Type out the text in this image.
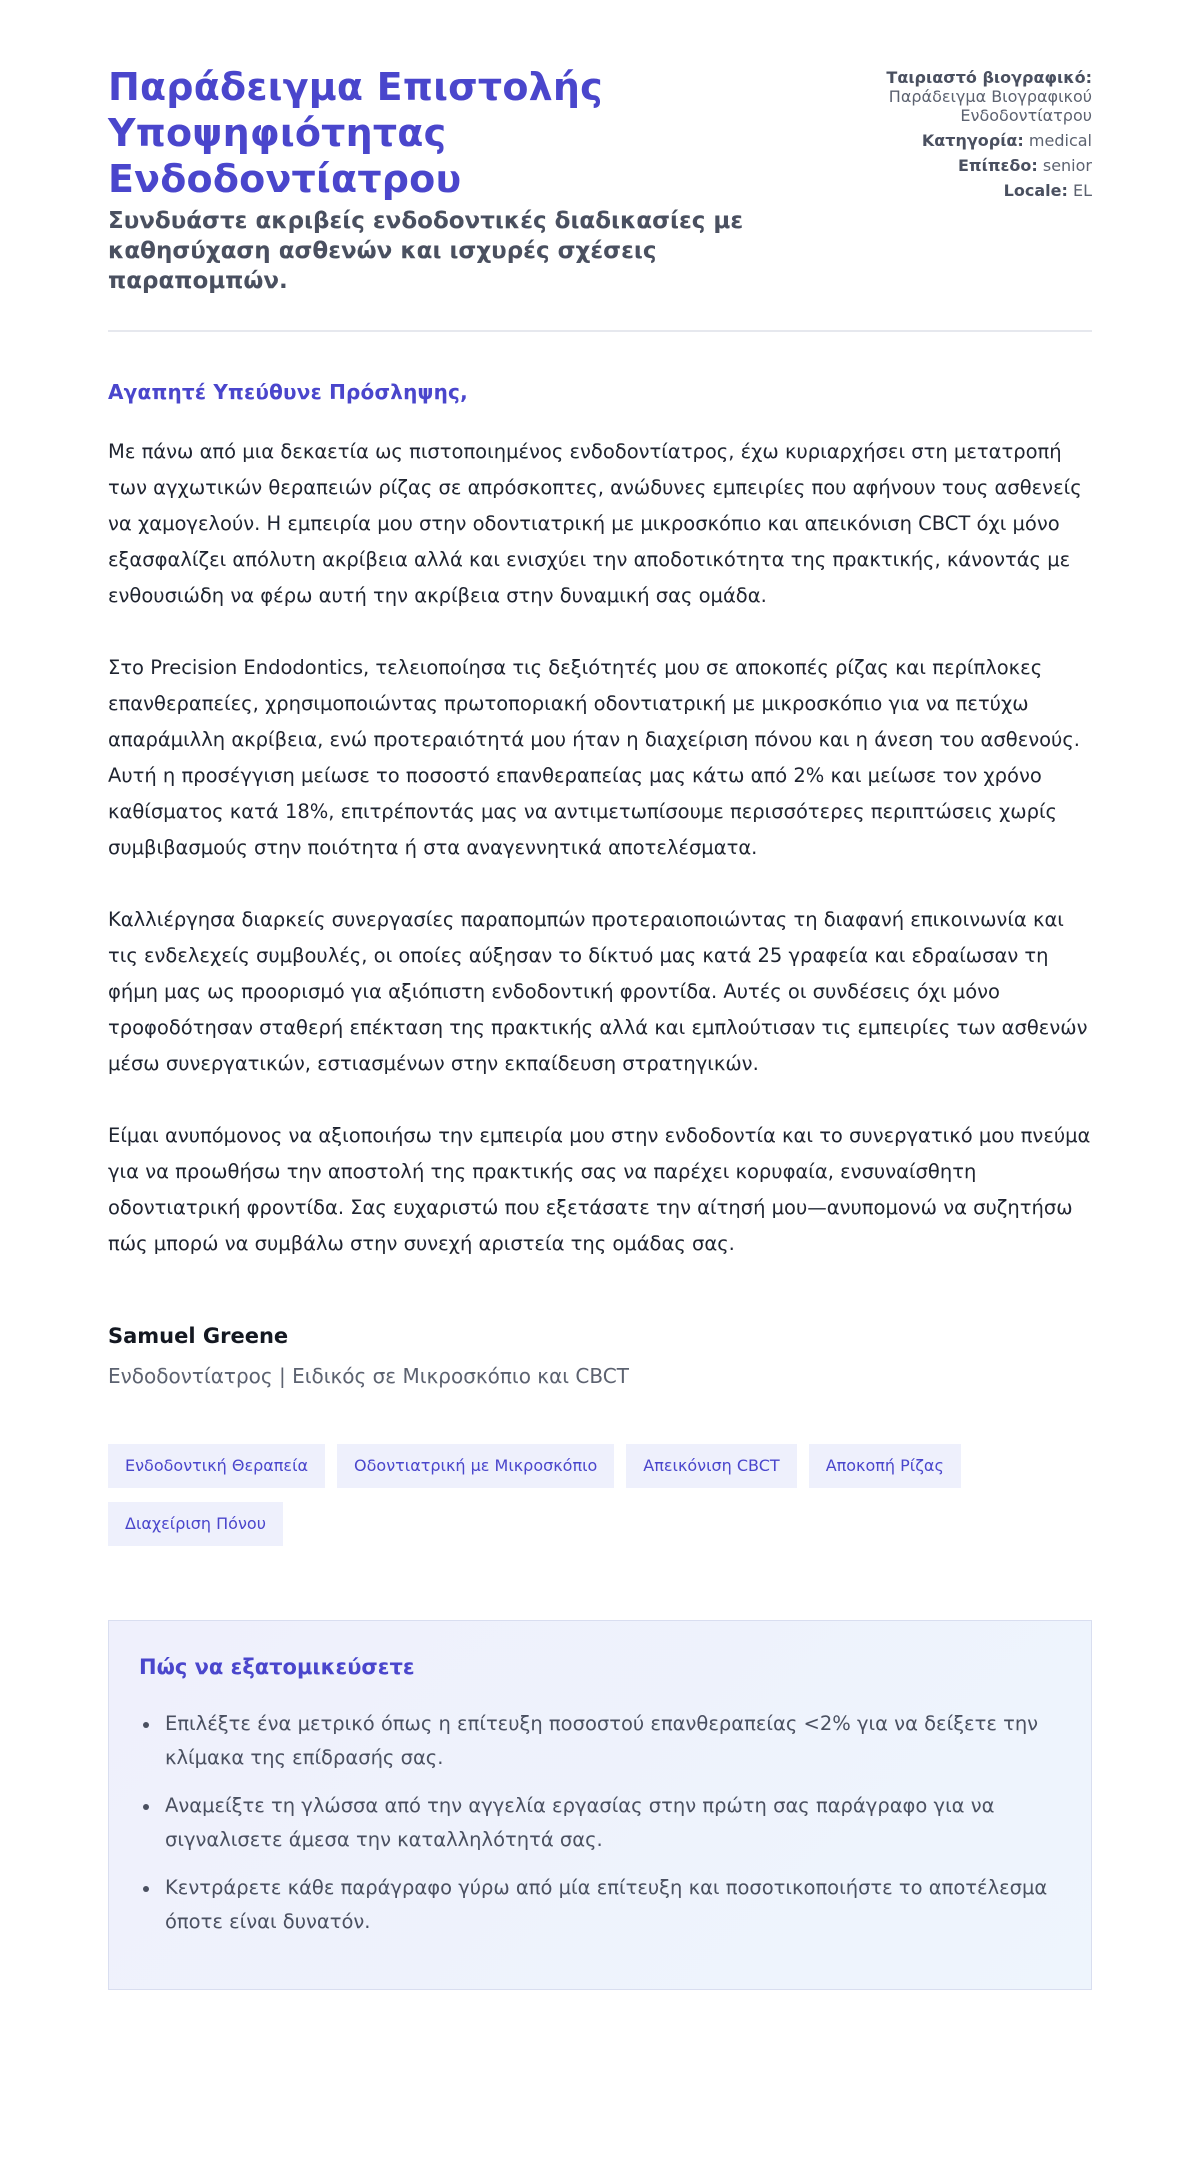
Παράδειγμα Επιστολής Υποψηφιότητας Ενδοδοντίατρου
Συνδυάστε ακριβείς ενδοδοντικές διαδικασίες με καθησύχαση ασθενών και ισχυρές σχέσεις παραπομπών.
Ταιριαστό βιογραφικό:
Παράδειγμα Βιογραφικού Ενδοδοντίατρου
Κατηγορία: medical
Επίπεδο: senior
Locale: EL
Αγαπητέ Υπεύθυνε Πρόσληψης,

Με πάνω από μια δεκαετία ως πιστοποιημένος ενδοδοντίατρος, έχω κυριαρχήσει στη μετατροπή των αγχωτικών θεραπειών ρίζας σε απρόσκοπτες, ανώδυνες εμπειρίες που αφήνουν τους ασθενείς να χαμογελούν. Η εμπειρία μου στην οδοντιατρική με μικροσκόπιο και απεικόνιση CBCT όχι μόνο εξασφαλίζει απόλυτη ακρίβεια αλλά και ενισχύει την αποδοτικότητα της πρακτικής, κάνοντάς με ενθουσιώδη να φέρω αυτή την ακρίβεια στην δυναμική σας ομάδα.

Στο Precision Endodontics, τελειοποίησα τις δεξιότητές μου σε αποκοπές ρίζας και περίπλοκες επανθεραπείες, χρησιμοποιώντας πρωτοποριακή οδοντιατρική με μικροσκόπιο για να πετύχω απαράμιλλη ακρίβεια, ενώ προτεραιότητά μου ήταν η διαχείριση πόνου και η άνεση του ασθενούς. Αυτή η προσέγγιση μείωσε το ποσοστό επανθεραπείας μας κάτω από 2% και μείωσε τον χρόνο καθίσματος κατά 18%, επιτρέποντάς μας να αντιμετωπίσουμε περισσότερες περιπτώσεις χωρίς συμβιβασμούς στην ποιότητα ή στα αναγεννητικά αποτελέσματα.

Καλλιέργησα διαρκείς συνεργασίες παραπομπών προτεραιοποιώντας τη διαφανή επικοινωνία και τις ενδελεχείς συμβουλές, οι οποίες αύξησαν το δίκτυό μας κατά 25 γραφεία και εδραίωσαν τη φήμη μας ως προορισμό για αξιόπιστη ενδοδοντική φροντίδα. Αυτές οι συνδέσεις όχι μόνο τροφοδότησαν σταθερή επέκταση της πρακτικής αλλά και εμπλούτισαν τις εμπειρίες των ασθενών μέσω συνεργατικών, εστιασμένων στην εκπαίδευση στρατηγικών.

Είμαι ανυπόμονος να αξιοποιήσω την εμπειρία μου στην ενδοδοντία και το συνεργατικό μου πνεύμα για να προωθήσω την αποστολή της πρακτικής σας να παρέχει κορυφαία, ενσυναίσθητη οδοντιατρική φροντίδα. Σας ευχαριστώ που εξετάσατε την αίτησή μου—ανυπομονώ να συζητήσω πώς μπορώ να συμβάλω στην συνεχή αριστεία της ομάδας σας.

Samuel Greene
Ενδοδοντίατρος | Ειδικός σε Μικροσκόπιο και CBCT
Ενδοδοντική Θεραπεία	Οδοντιατρική με Μικροσκόπιο	Απεικόνιση CBCT	Αποκοπή Ρίζας
Διαχείριση Πόνου
Πώς να εξατομικεύσετε
Επιλέξτε ένα μετρικό όπως η επίτευξη ποσοστού επανθεραπείας <2% για να δείξετε την κλίμακα της επίδρασής σας.
Αναμείξτε τη γλώσσα από την αγγελία εργασίας στην πρώτη σας παράγραφο για να σιγναλισετε άμεσα την καταλληλότητά σας.
Κεντράρετε κάθε παράγραφο γύρω από μία επίτευξη και ποσοτικοποιήστε το αποτέλεσμα όποτε είναι δυνατόν.
